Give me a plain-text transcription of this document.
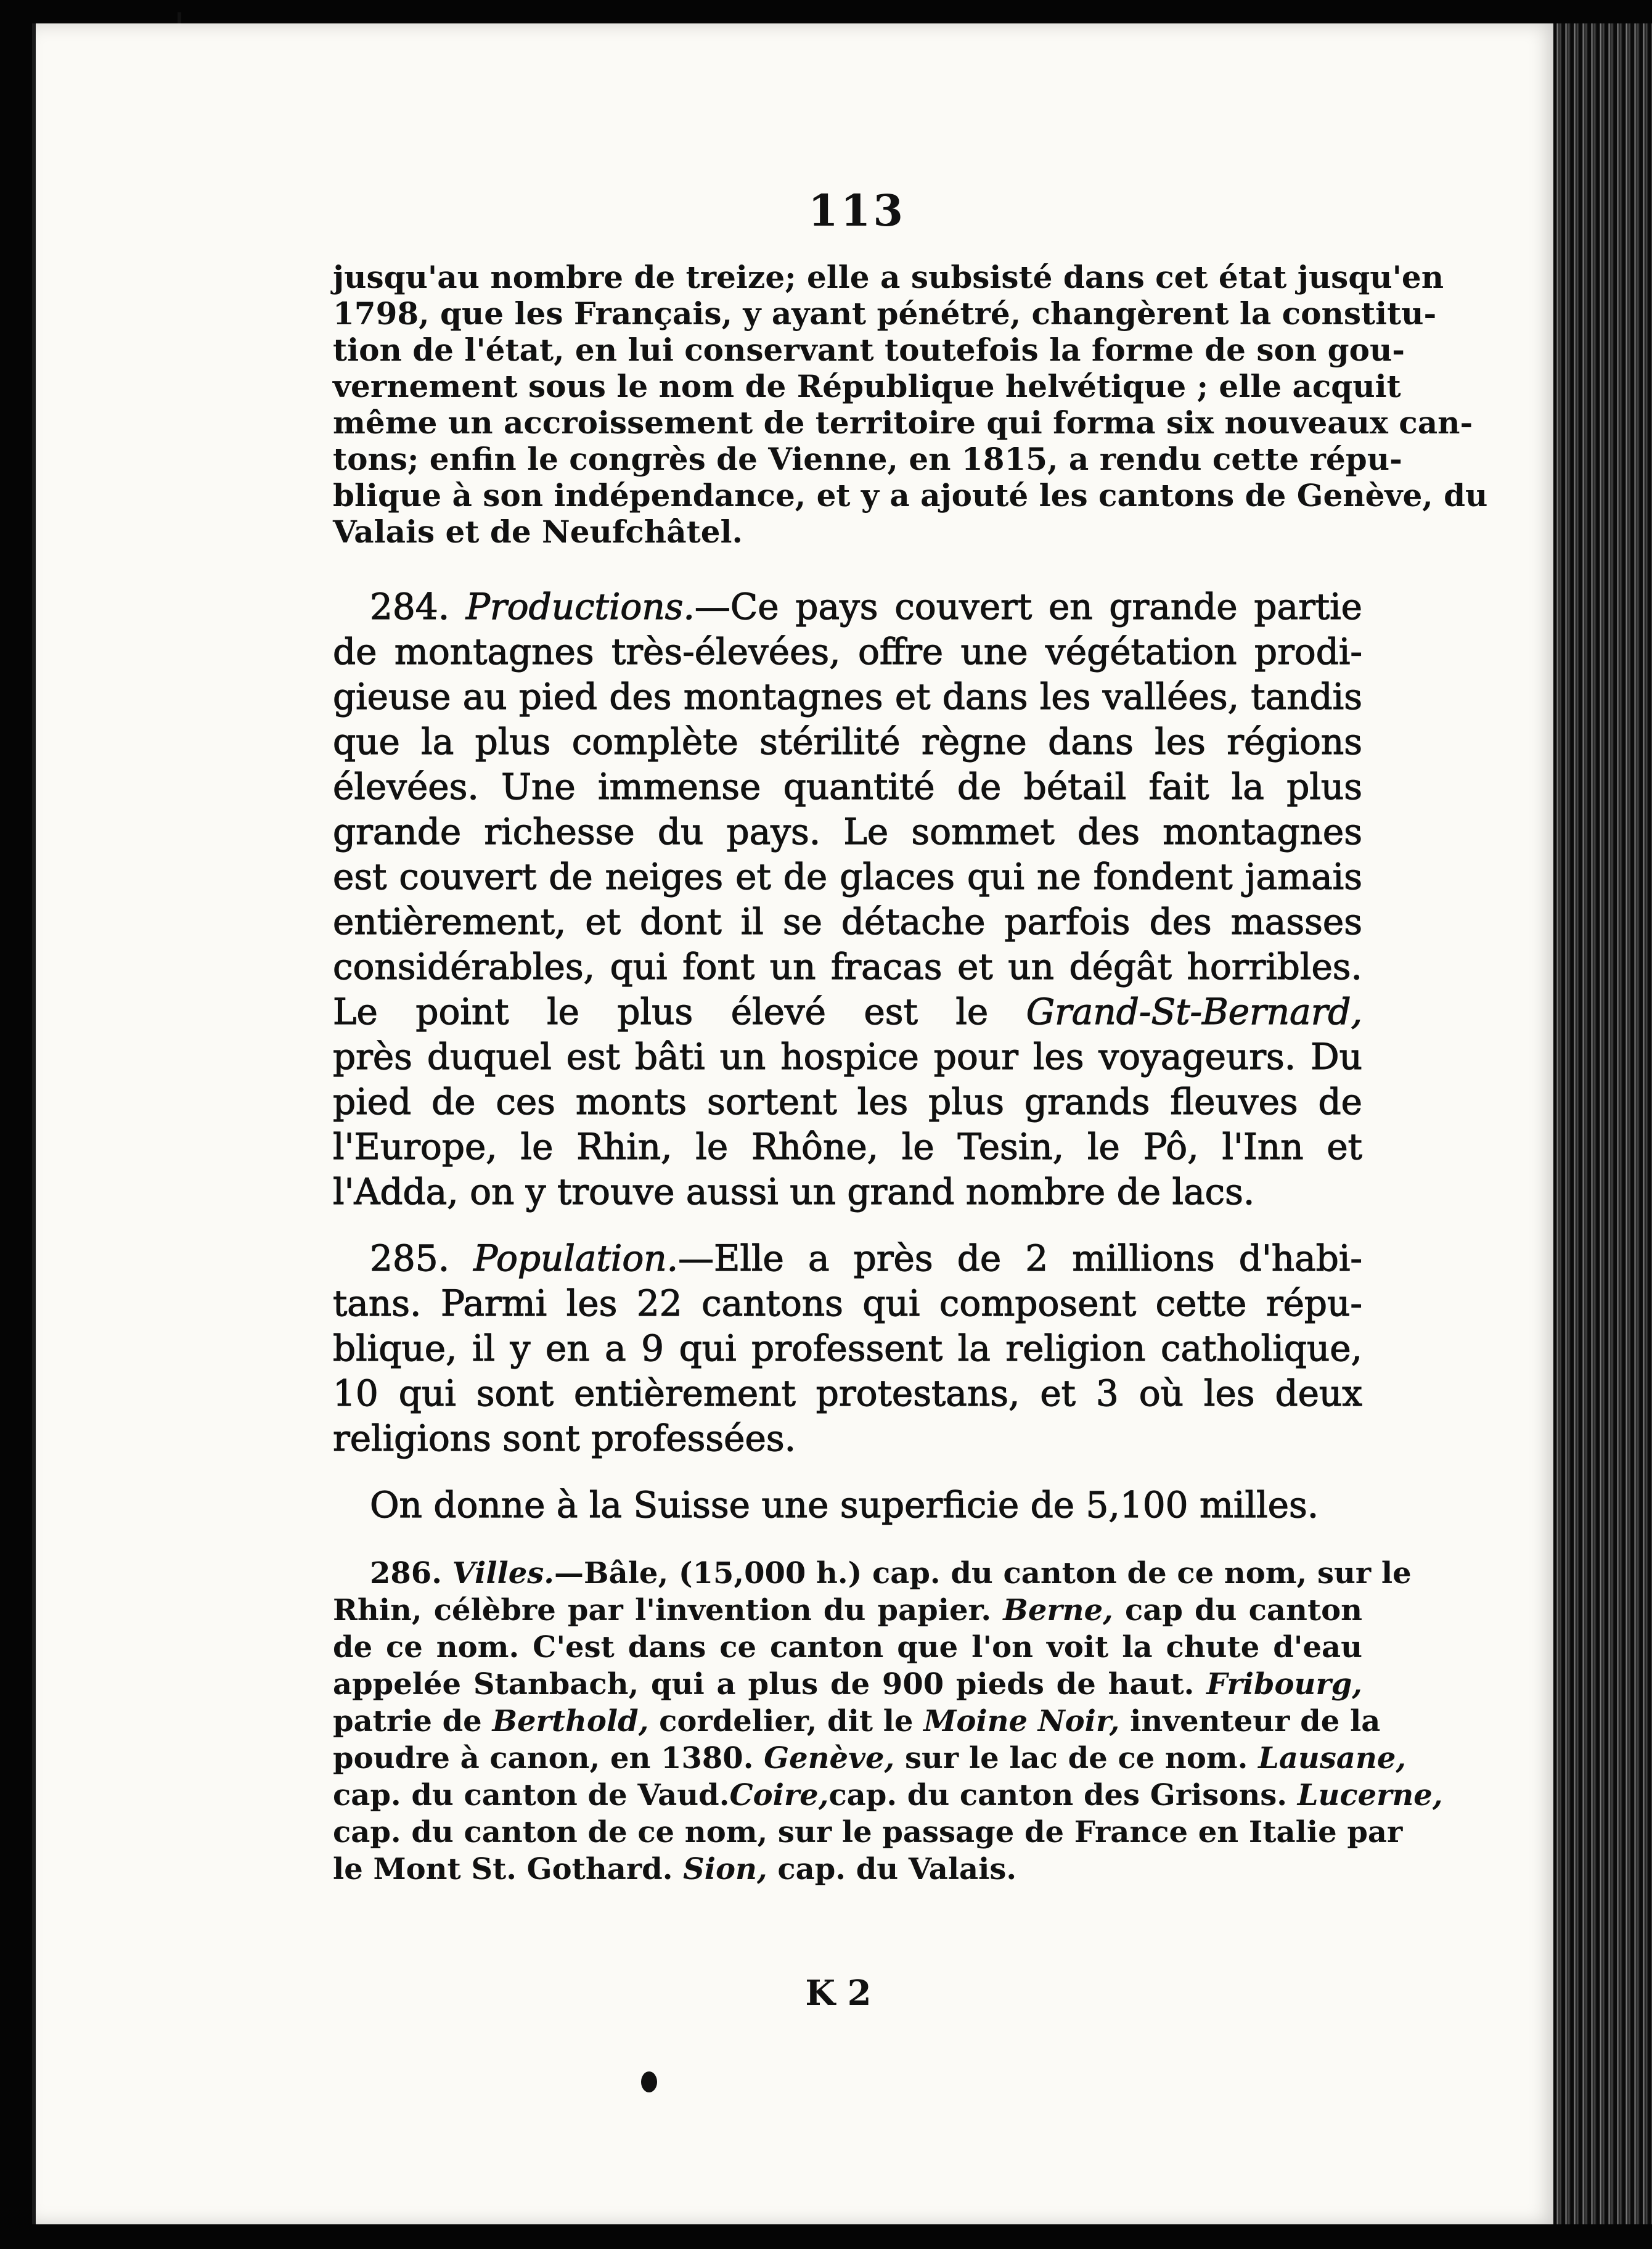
113
jusqu'au nombre de treize; elle a subsisté dans cet état jusqu'en
1798, que les Français, y ayant pénétré, changèrent la constitu-
tion de l'état, en lui conservant toutefois la forme de son gou-
vernement sous le nom de République helvétique ; elle acquit
même un accroissement de territoire qui forma six nouveaux can-
tons; enfin le congrès de Vienne, en 1815, a rendu cette répu-
blique à son indépendance, et y a ajouté les cantons de Genève, du
Valais et de Neufchâtel.
284. Productions.—Ce pays couvert en grande partie
de montagnes très-élevées, offre une végétation prodi-
gieuse au pied des montagnes et dans les vallées, tandis
que la plus complète stérilité règne dans les régions
élevées. Une immense quantité de bétail fait la plus
grande richesse du pays. Le sommet des montagnes
est couvert de neiges et de glaces qui ne fondent jamais
entièrement, et dont il se détache parfois des masses
considérables, qui font un fracas et un dégât horribles.
Le point le plus élevé est le Grand-St-Bernard,
près duquel est bâti un hospice pour les voyageurs. Du
pied de ces monts sortent les plus grands fleuves de
l'Europe, le Rhin, le Rhône, le Tesin, le Pô, l'Inn et
l'Adda, on y trouve aussi un grand nombre de lacs.
285. Population.—Elle a près de 2 millions d'habi-
tans. Parmi les 22 cantons qui composent cette répu-
blique, il y en a 9 qui professent la religion catholique,
10 qui sont entièrement protestans, et 3 où les deux
religions sont professées.
On donne à la Suisse une superficie de 5,100 milles.
286. Villes.—Bâle, (15,000 h.) cap. du canton de ce nom, sur le
Rhin, célèbre par l'invention du papier. Berne, cap du canton
de ce nom. C'est dans ce canton que l'on voit la chute d'eau
appelée Stanbach, qui a plus de 900 pieds de haut. Fribourg,
patrie de Berthold, cordelier, dit le Moine Noir, inventeur de la
poudre à canon, en 1380. Genève, sur le lac de ce nom. Lausane,
cap. du canton de Vaud.Coire,cap. du canton des Grisons. Lucerne,
cap. du canton de ce nom, sur le passage de France en Italie par
le Mont St. Gothard. Sion, cap. du Valais.
K 2
